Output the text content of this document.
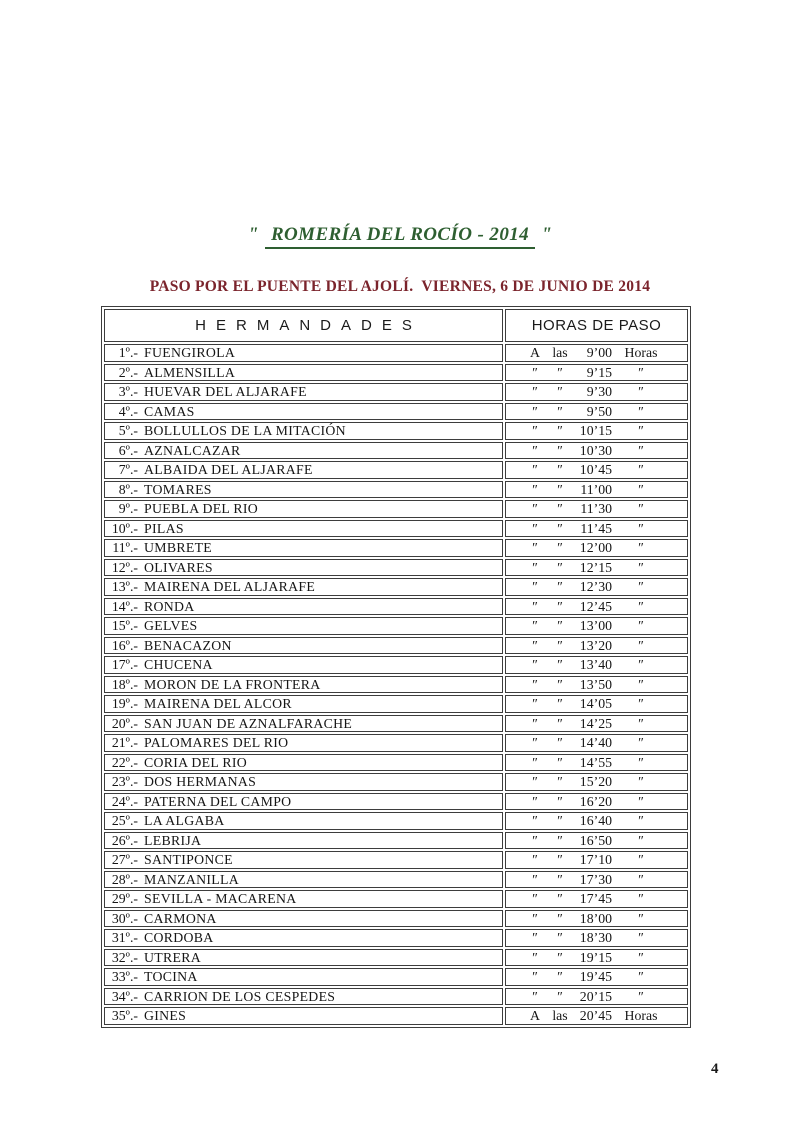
" ROMERÍA DEL ROCÍO - 2014 "
PASO POR EL PUENTE DEL AJOLÍ.  VIERNES, 6 DE JUNIO DE 2014
HERMANDADES	HORAS DE PASO
1º.- FUENGIROLA	A las 9’00 Horas

2º.- ALMENSILLA	″ ″ 9’15 ″

3º.- HUEVAR DEL ALJARAFE	″ ″ 9’30 ″

4º.- CAMAS	″ ″ 9’50 ″

5º.- BOLLULLOS DE LA MITACIÓN	″ ″ 10’15 ″

6º.- AZNALCAZAR	″ ″ 10’30 ″

7º.- ALBAIDA DEL ALJARAFE	″ ″ 10’45 ″

8º.- TOMARES	″ ″ 11’00 ″

9º.- PUEBLA DEL RIO	″ ″ 11’30 ″

10º.- PILAS	″ ″ 11’45 ″

11º.- UMBRETE	″ ″ 12’00 ″

12º.- OLIVARES	″ ″ 12’15 ″

13º.- MAIRENA DEL ALJARAFE	″ ″ 12’30 ″

14º.- RONDA	″ ″ 12’45 ″

15º.- GELVES	″ ″ 13’00 ″

16º.- BENACAZON	″ ″ 13’20 ″

17º.- CHUCENA	″ ″ 13’40 ″

18º.- MORON DE LA FRONTERA	″ ″ 13’50 ″

19º.- MAIRENA DEL ALCOR	″ ″ 14’05 ″

20º.- SAN JUAN DE AZNALFARACHE	″ ″ 14’25 ″

21º.- PALOMARES DEL RIO	″ ″ 14’40 ″

22º.- CORIA DEL RIO	″ ″ 14’55 ″

23º.- DOS HERMANAS	″ ″ 15’20 ″

24º.- PATERNA DEL CAMPO	″ ″ 16’20 ″

25º.- LA ALGABA	″ ″ 16’40 ″

26º.- LEBRIJA	″ ″ 16’50 ″

27º.- SANTIPONCE	″ ″ 17’10 ″

28º.- MANZANILLA	″ ″ 17’30 ″

29º.- SEVILLA - MACARENA	″ ″ 17’45 ″

30º.- CARMONA	″ ″ 18’00 ″

31º.- CORDOBA	″ ″ 18’30 ″

32º.- UTRERA	″ ″ 19’15 ″

33º.- TOCINA	″ ″ 19’45 ″

34º.- CARRION DE LOS CESPEDES	″ ″ 20’15 ″

35º.- GINES	A las 20’45 Horas
4
